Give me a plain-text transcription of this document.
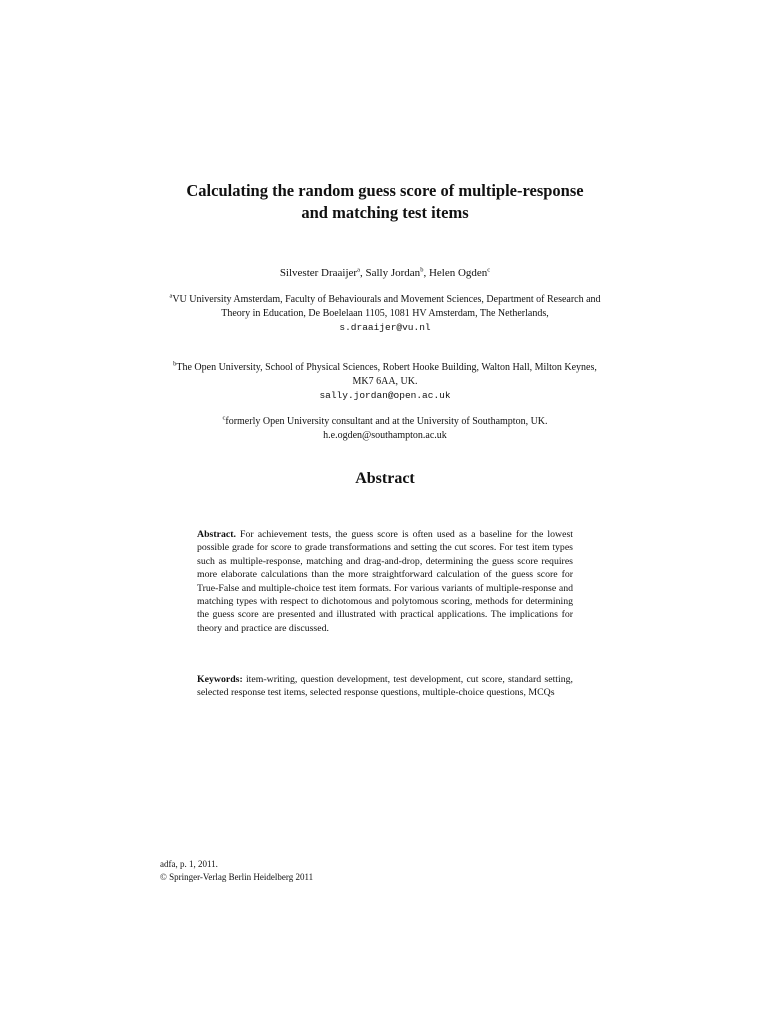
Calculating the random guess score of multiple-response
and matching test items
Silvester Draaijer$^a$, Sally Jordan$^b$, Helen Ogden$^c$
$^a$VU University Amsterdam, Faculty of Behaviourals and Movement Sciences, Department of Research and Theory in Education, De Boelelaan 1105, 1081 HV Amsterdam, The Netherlands,
s.draaijer@vu.nl
$^b$The Open University, School of Physical Sciences, Robert Hooke Building, Walton Hall, Milton Keynes, MK7 6AA, UK.
sally.jordan@open.ac.uk
$^c$formerly Open University consultant and at the University of Southampton, UK.
h.e.ogden@southampton.ac.uk
Abstract
Abstract. For achievement tests, the guess score is often used as a baseline for the lowest possible grade for score to grade transformations and setting the cut scores. For test item types such as multiple-response, matching and drag-and-drop, determining the guess score requires more elaborate calculations than the more straightforward calculation of the guess score for True-False and multiple-choice test item formats. For various variants of multiple-response and matching types with respect to dichotomous and polytomous scoring, methods for determining the guess score are presented and illustrated with practical applications. The implications for theory and practice are discussed.
Keywords: item-writing, question development, test development, cut score, standard setting, selected response test items, selected response questions, multiple-choice questions, MCQs
adfa, p. 1, 2011.
© Springer-Verlag Berlin Heidelberg 2011
